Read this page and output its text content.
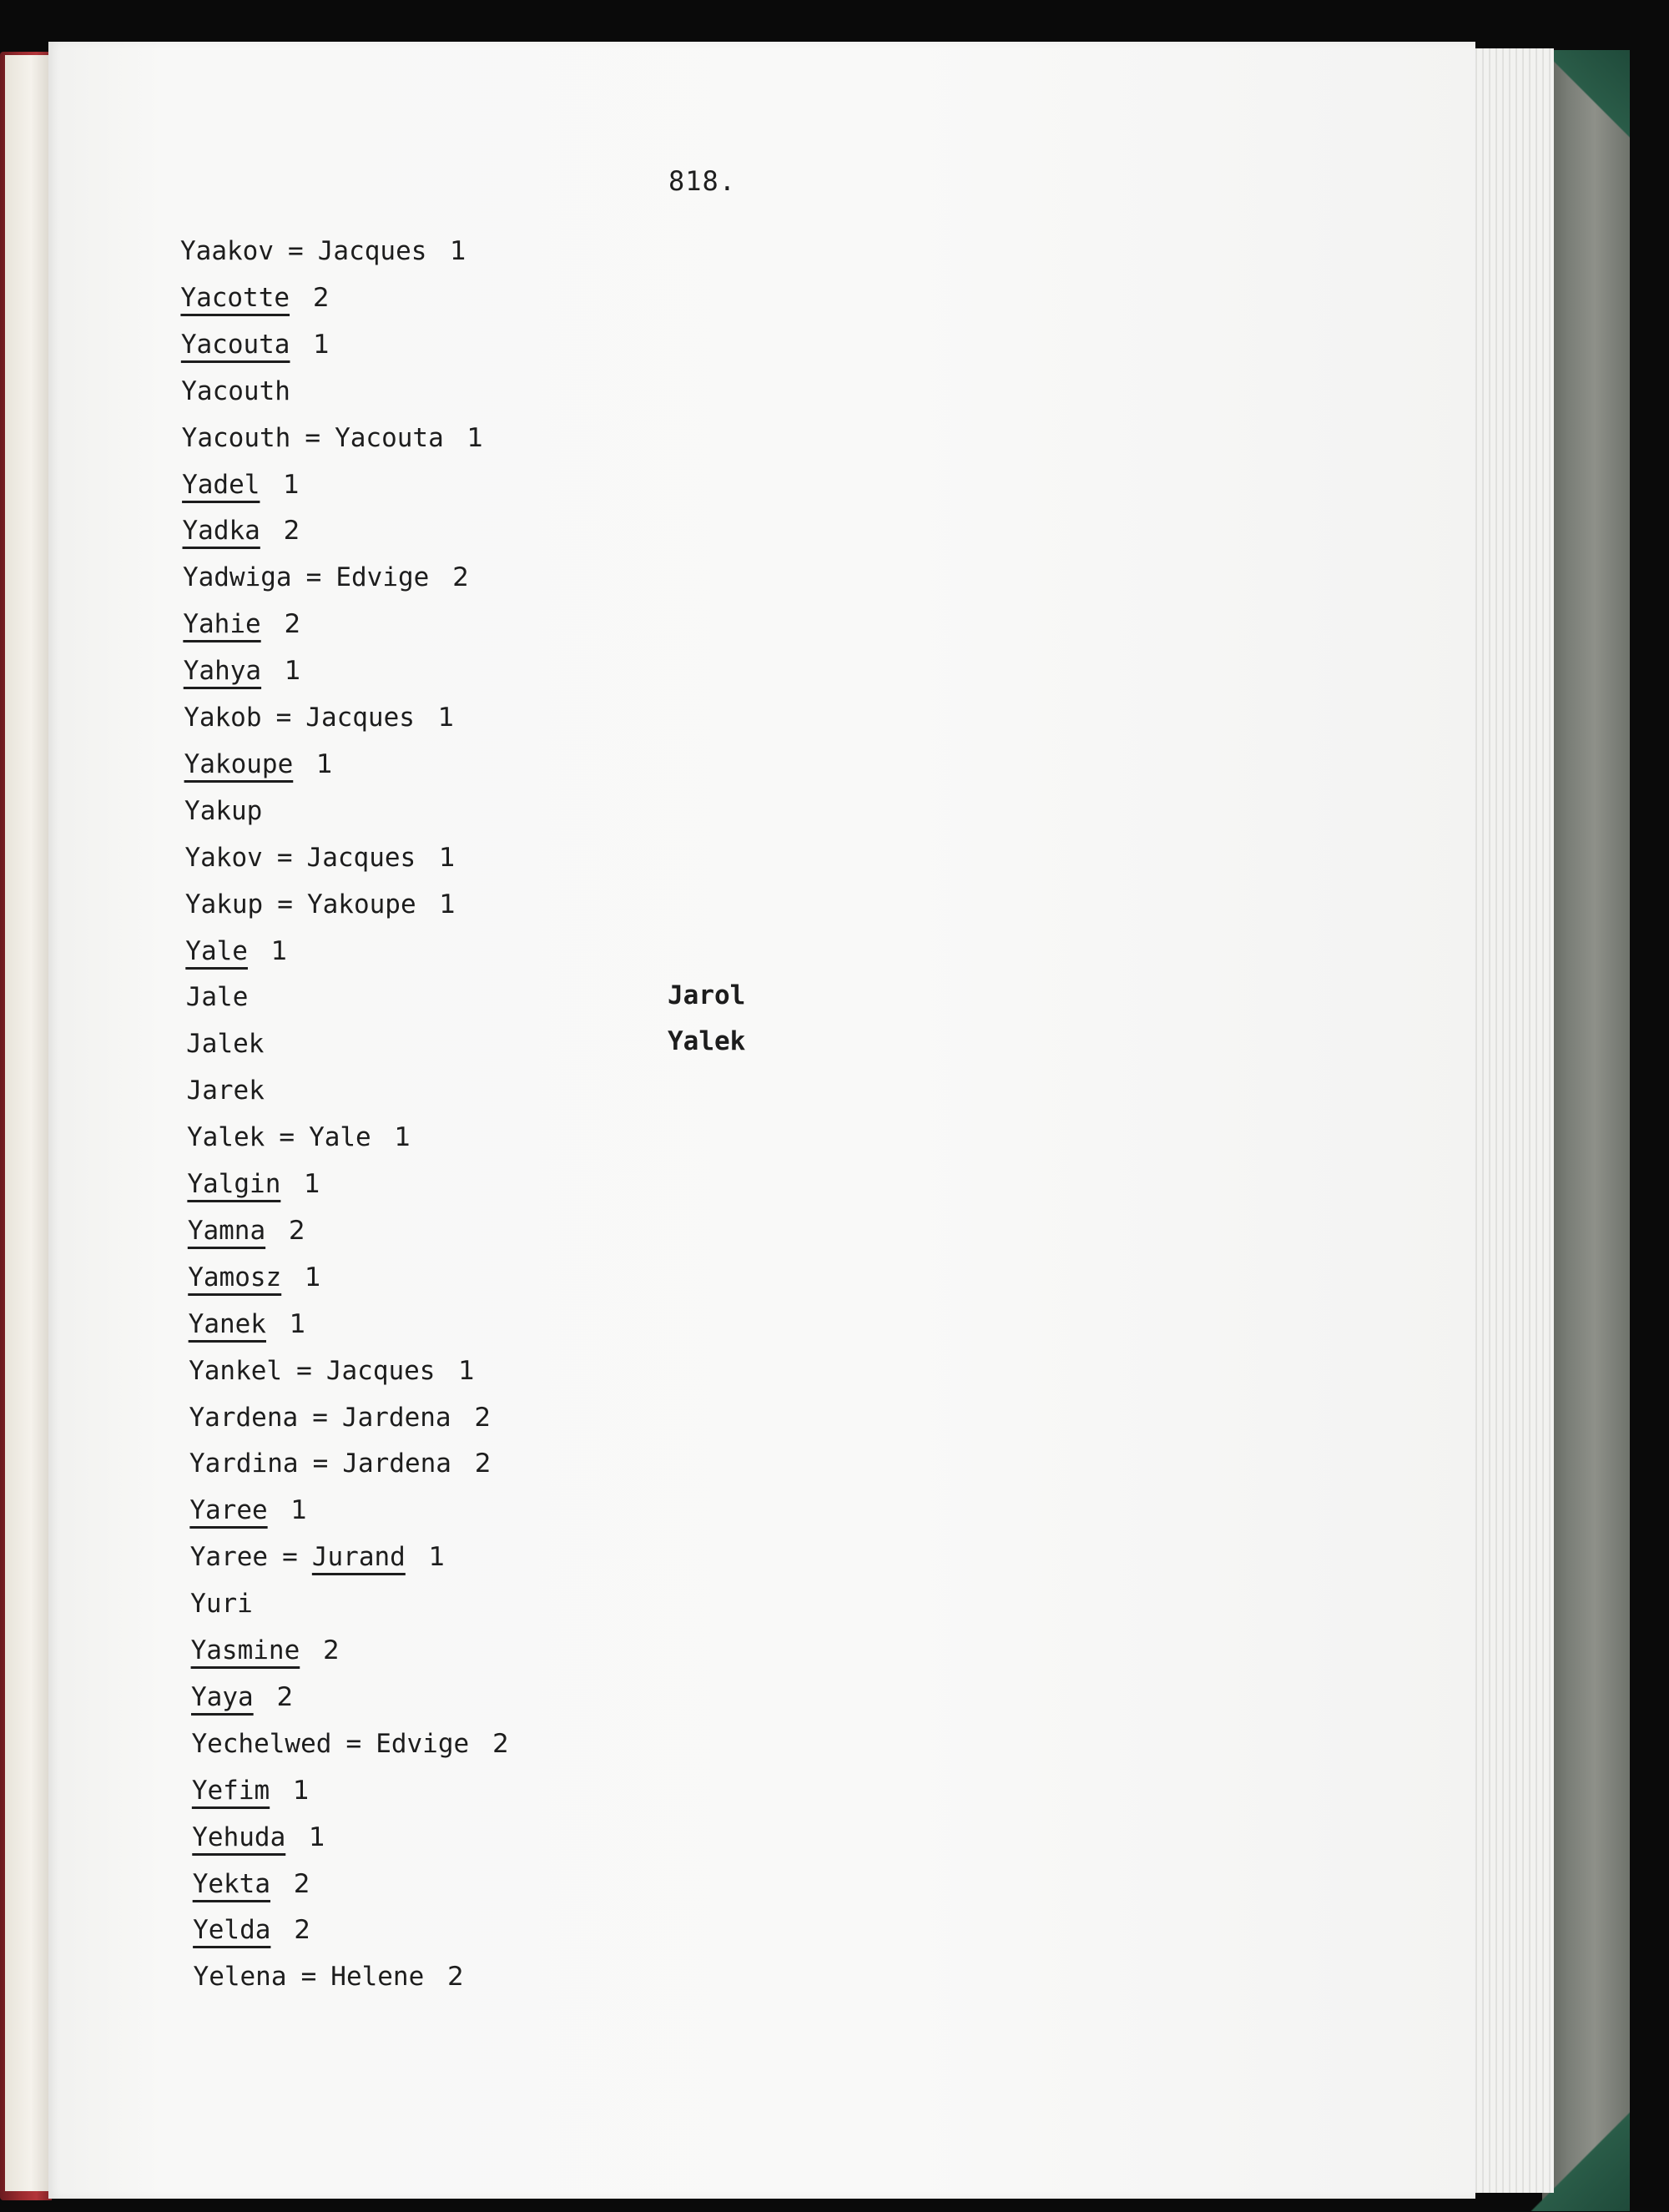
818.
Yaakov = Jacques 1
Yacotte 2
Yacouta 1
Yacouth
Yacouth = Yacouta 1
Yadel 1
Yadka 2
Yadwiga = Edvige 2
Yahie 2
Yahya 1
Yakob = Jacques 1
Yakoupe 1
Yakup
Yakov = Jacques 1
Yakup = Yakoupe 1
Yale 1
Jale
Jalek
Jarek
Yalek = Yale 1
Yalgin 1
Yamna 2
Yamosz 1
Yanek 1
Yankel = Jacques 1
Yardena = Jardena 2
Yardina = Jardena 2
Yaree 1
Yaree = Jurand 1
Yuri
Yasmine 2
Yaya 2
Yechelwed = Edvige 2
Yefim 1
Yehuda 1
Yekta 2
Yelda 2
Yelena = Helene 2
Jarol
Yalek
